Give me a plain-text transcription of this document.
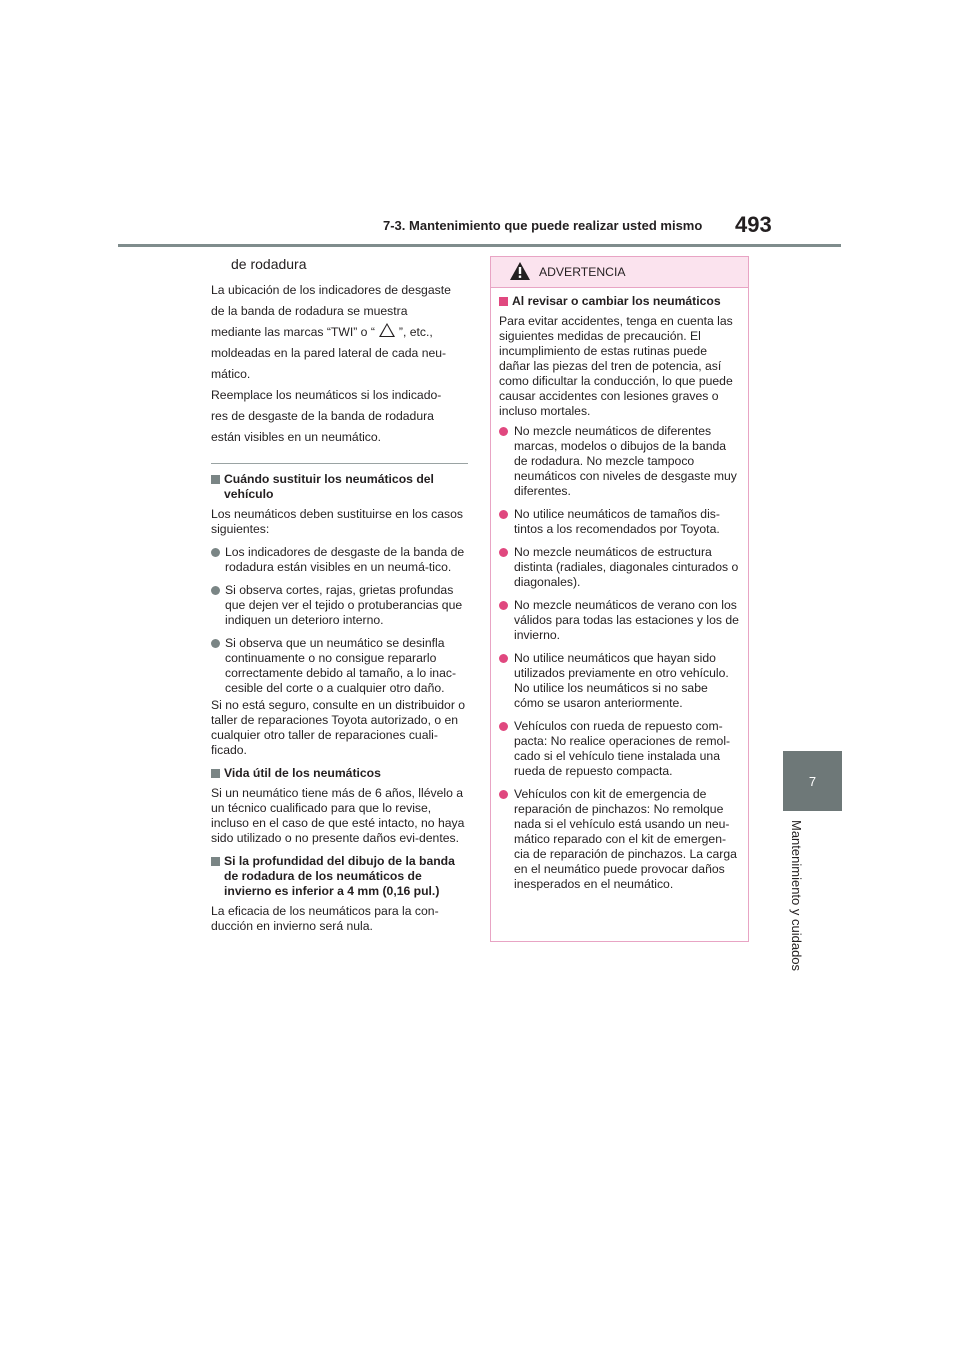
7-3. Mantenimiento que puede realizar usted mismo 493
7
Mantenimiento y cuidados
de rodadura

La ubicación de los indicadores de desgaste

de la banda de rodadura se muestra

mediante las marcas “TWI” o “ ”, etc.,

moldeadas en la pared lateral de cada neu-

mático.

Reemplace los neumáticos si los indicado-

res de desgaste de la banda de rodadura

están visibles en un neumático.

Cuándo sustituir los neumáticos del vehículo
Los neumáticos deben sustituirse en los casos siguientes:
Los indicadores de desgaste de la banda de rodadura están visibles en un neumá-tico.
Si observa cortes, rajas, grietas profundas que dejen ver el tejido o protuberancias que indiquen un deterioro interno.
Si observa que un neumático se desinfla continuamente o no consigue repararlo correctamente debido al tamaño, a lo inac-cesible del corte o a cualquier otro daño.
Si no está seguro, consulte en un distribuidor o taller de reparaciones Toyota autorizado, o en cualquier otro taller de reparaciones cuali-ficado.
Vida útil de los neumáticos
Si un neumático tiene más de 6 años, llévelo a un técnico cualificado para que lo revise, incluso en el caso de que esté intacto, no haya sido utilizado o no presente daños evi-dentes.
Si la profundidad del dibujo de la banda de rodadura de los neumáticos de invierno es inferior a 4 mm (0,16 pul.)
La eficacia de los neumáticos para la con-ducción en invierno será nula.
ADVERTENCIA
Al revisar o cambiar los neumáticos
Para evitar accidentes, tenga en cuenta las siguientes medidas de precaución. El incumplimiento de estas rutinas puede dañar las piezas del tren de potencia, así como dificultar la conducción, lo que puede causar accidentes con lesiones graves o incluso mortales.
No mezcle neumáticos de diferentes marcas, modelos o dibujos de la banda de rodadura. No mezcle tampoco neumáticos con niveles de desgaste muy diferentes.
No utilice neumáticos de tamaños dis-tintos a los recomendados por Toyota.
No mezcle neumáticos de estructura distinta (radiales, diagonales cinturados o diagonales).
No mezcle neumáticos de verano con los válidos para todas las estaciones y los de invierno.
No utilice neumáticos que hayan sido utilizados previamente en otro vehículo. No utilice los neumáticos si no sabe cómo se usaron anteriormente.
Vehículos con rueda de repuesto com-pacta: No realice operaciones de remol-cado si el vehículo tiene instalada una rueda de repuesto compacta.
Vehículos con kit de emergencia de reparación de pinchazos: No remolque nada si el vehículo está usando un neu-mático reparado con el kit de emergen-cia de reparación de pinchazos. La carga en el neumático puede provocar daños inesperados en el neumático.
